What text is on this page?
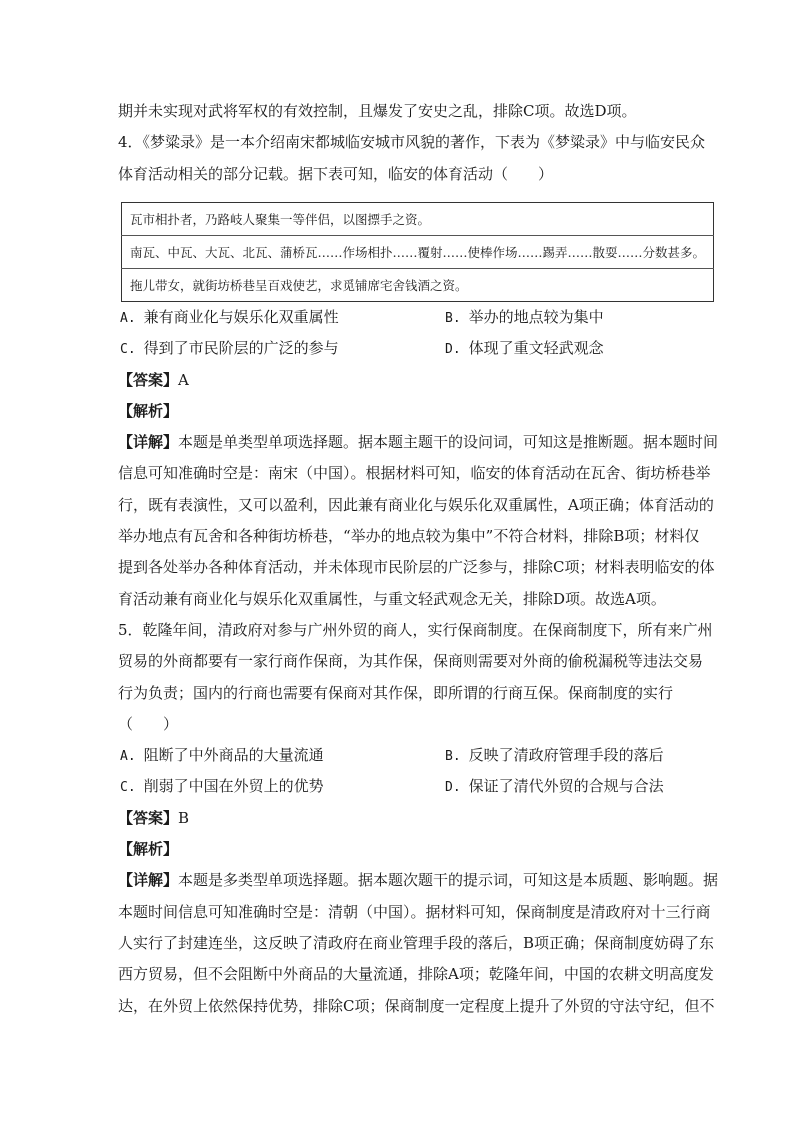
期并未实现对武将军权的有效控制，且爆发了安史之乱，排除C项。故选D项。

4．《梦粱录》是一本介绍南宋都城临安城市风貌的著作，下表为《梦粱录》中与临安民众

体育活动相关的部分记载。据下表可知，临安的体育活动（　　）

瓦市相扑者，乃路岐人聚集一等伴侣，以图摽手之资。
南瓦、中瓦、大瓦、北瓦、蒲桥瓦……作场相扑……覆射……使棒作场……踢弄……散耍……分数甚多。
拖儿带女，就街坊桥巷呈百戏使艺，求觅铺席宅舍钱酒之资。
A. 兼有商业化与娱乐化双重属性	B. 举办的地点较为集中
C. 得到了市民阶层的广泛的参与	D. 体现了重文轻武观念

【答案】A

【解析】

【详解】本题是单类型单项选择题。据本题主题干的设问词，可知这是推断题。据本题时间

信息可知准确时空是：南宋（中国）。根据材料可知，临安的体育活动在瓦舍、街坊桥巷举

行，既有表演性，又可以盈利，因此兼有商业化与娱乐化双重属性，A项正确；体育活动的

举办地点有瓦舍和各种街坊桥巷，“举办的地点较为集中”不符合材料，排除B项；材料仅

提到各处举办各种体育活动，并未体现市民阶层的广泛参与，排除C项；材料表明临安的体

育活动兼有商业化与娱乐化双重属性，与重文轻武观念无关，排除D项。故选A项。

5．乾隆年间，清政府对参与广州外贸的商人，实行保商制度。在保商制度下，所有来广州

贸易的外商都要有一家行商作保商，为其作保，保商则需要对外商的偷税漏税等违法交易

行为负责；国内的行商也需要有保商对其作保，即所谓的行商互保。保商制度的实行

（　　）

A. 阻断了中外商品的大量流通	B. 反映了清政府管理手段的落后
C. 削弱了中国在外贸上的优势	D. 保证了清代外贸的合规与合法

【答案】B

【解析】

【详解】本题是多类型单项选择题。据本题次题干的提示词，可知这是本质题、影响题。据

本题时间信息可知准确时空是：清朝（中国）。据材料可知，保商制度是清政府对十三行商

人实行了封建连坐，这反映了清政府在商业管理手段的落后，B项正确；保商制度妨碍了东

西方贸易，但不会阻断中外商品的大量流通，排除A项；乾隆年间，中国的农耕文明高度发

达，在外贸上依然保持优势，排除C项；保商制度一定程度上提升了外贸的守法守纪，但不
